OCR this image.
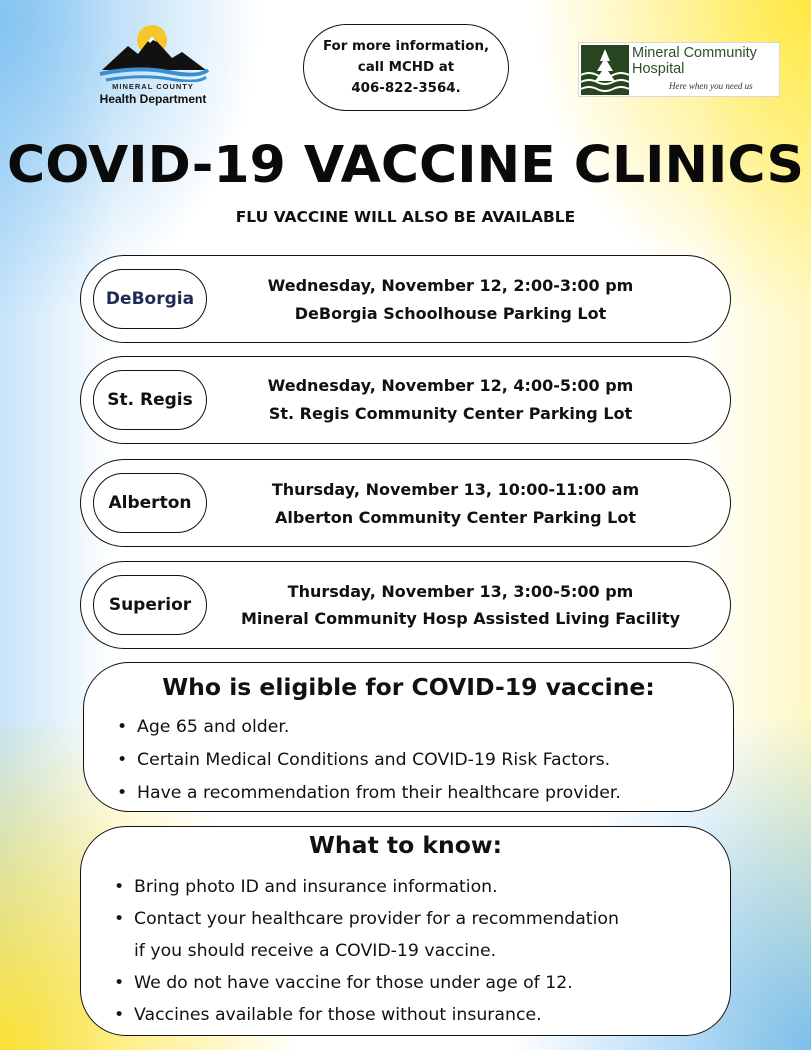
MINERAL COUNTY
Health Department
For more information,
call MCHD at
406-822-3564.
Mineral Community
Hospital
Here when you need us
COVID-19 VACCINE CLINICS
FLU VACCINE WILL ALSO BE AVAILABLE
DeBorgia
Wednesday, November 12, 2:00-3:00 pm
DeBorgia Schoolhouse Parking Lot
St. Regis
Wednesday, November 12, 4:00-5:00 pm
St. Regis Community Center Parking Lot
Alberton
Thursday, November 13, 10:00-11:00 am
Alberton Community Center Parking Lot
Superior
Thursday, November 13, 3:00-5:00 pm
Mineral Community Hosp Assisted Living Facility
Who is eligible for COVID-19 vaccine:
• Age 65 and older.
• Certain Medical Conditions and COVID-19 Risk Factors.
• Have a recommendation from their healthcare provider.
What to know:
• Bring photo ID and insurance information.
• Contact your healthcare provider for a recommendation
if you should receive a COVID-19 vaccine.
• We do not have vaccine for those under age of 12.
• Vaccines available for those without insurance.
